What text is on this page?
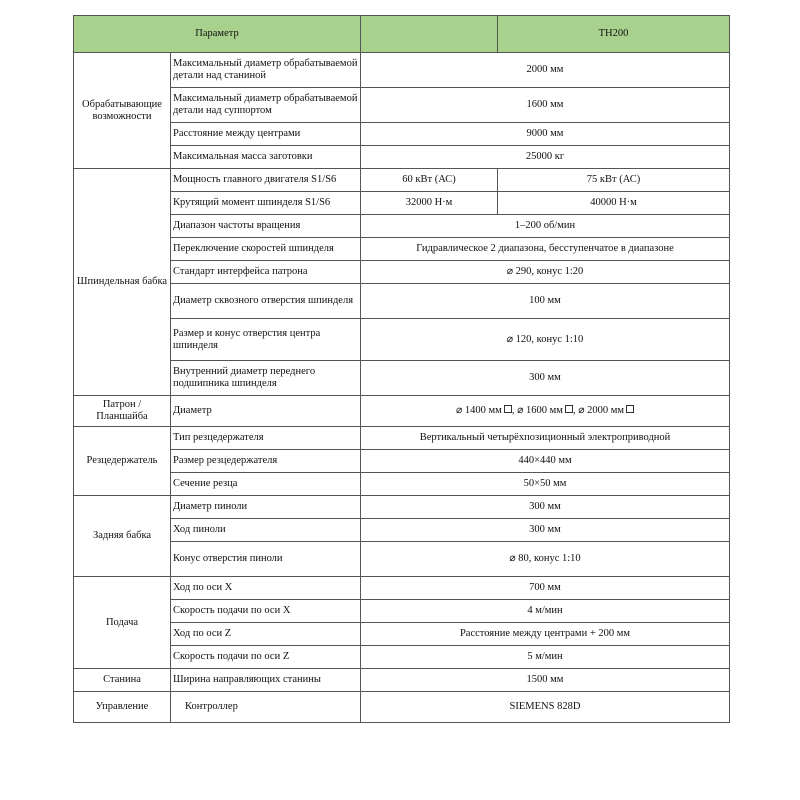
Параметр			TH200
Обрабатывающие возможности	Максимальный диаметр обрабатываемой детали над станиной	2000 мм	
	Максимальный диаметр обрабатываемой детали над суппортом	1600 мм	
	Расстояние между центрами	9000 мм	
	Максимальная масса заготовки	25000 кг	
Шпиндельная бабка	Мощность главного двигателя S1/S6	60 кВт (АС)	75 кВт (АС)
	Крутящий момент шпинделя S1/S6	32000 Н·м	40000 Н·м
	Диапазон частоты вращения	1–200 об/мин	
	Переключение скоростей шпинделя	Гидравлическое 2 диапазона, бесступенчатое в диапазоне	
	Стандарт интерфейса патрона	⌀ 290, конус 1:20	
	Диаметр сквозного отверстия шпинделя	100 мм	
	Размер и конус отверстия центра шпинделя	⌀ 120, конус 1:10	
	Внутренний диаметр переднего подшипника шпинделя	300 мм	
Патрон / Планшайба	Диаметр	⌀ 1400 мм , ⌀ 1600 мм , ⌀ 2000 мм	
Резцедержатель	Тип резцедержателя	Вертикальный четырёхпозиционный электроприводной	
	Размер резцедержателя	440×440 мм	
	Сечение резца	50×50 мм	
Задняя бабка	Диаметр пиноли	300 мм	
	Ход пиноли	300 мм	
	Конус отверстия пиноли	⌀ 80, конус 1:10	
Подача	Ход по оси X	700 мм	
	Скорость подачи по оси X	4 м/мин	
	Ход по оси Z	Расстояние между центрами + 200 мм	
	Скорость подачи по оси Z	5 м/мин	
Станина	Ширина направляющих станины	1500 мм	
Управление	Контроллер	SIEMENS 828D	
